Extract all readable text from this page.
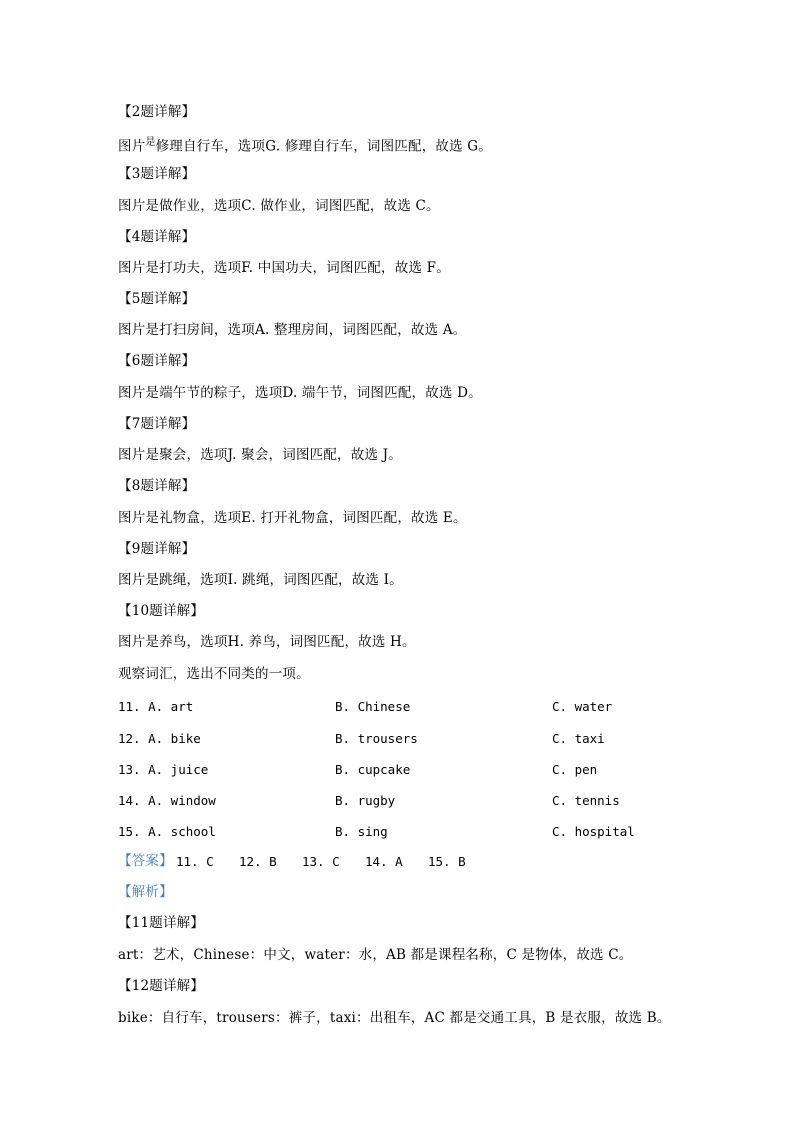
【2题详解】
图片$^是$修理自行车，选项G. 修理自行车，词图匹配，故选 G。
【3题详解】
图片是做作业，选项C. 做作业，词图匹配，故选 C。
【4题详解】
图片是打功夫，选项F. 中国功夫，词图匹配，故选 F。
【5题详解】
图片是打扫房间，选项A. 整理房间，词图匹配，故选 A。
【6题详解】
图片是端午节的粽子，选项D. 端午节，词图匹配，故选 D。
【7题详解】
图片是聚会，选项J. 聚会，词图匹配，故选 J。
【8题详解】
图片是礼物盒，选项E. 打开礼物盒，词图匹配，故选 E。
【9题详解】
图片是跳绳，选项I. 跳绳，词图匹配，故选 I。
【10题详解】
图片是养鸟，选项H. 养鸟，词图匹配，故选 H。
观察词汇，选出不同类的一项。
11. A. art	B. Chinese	C. water
12. A. bike	B. trousers	C. taxi
13. A. juice	B. cupcake	C. pen
14. A. window	B. rugby	C. tennis
15. A. school	B. sing	C. hospital
【答案】 11. C 12. B 13. C 14. A 15. B
【解析】
【11题详解】
art：艺术，Chinese：中文，water：水，AB 都是课程名称，C 是物体，故选 C。
【12题详解】
bike：自行车，trousers：裤子，taxi：出租车，AC 都是交通工具，B 是衣服，故选 B。
